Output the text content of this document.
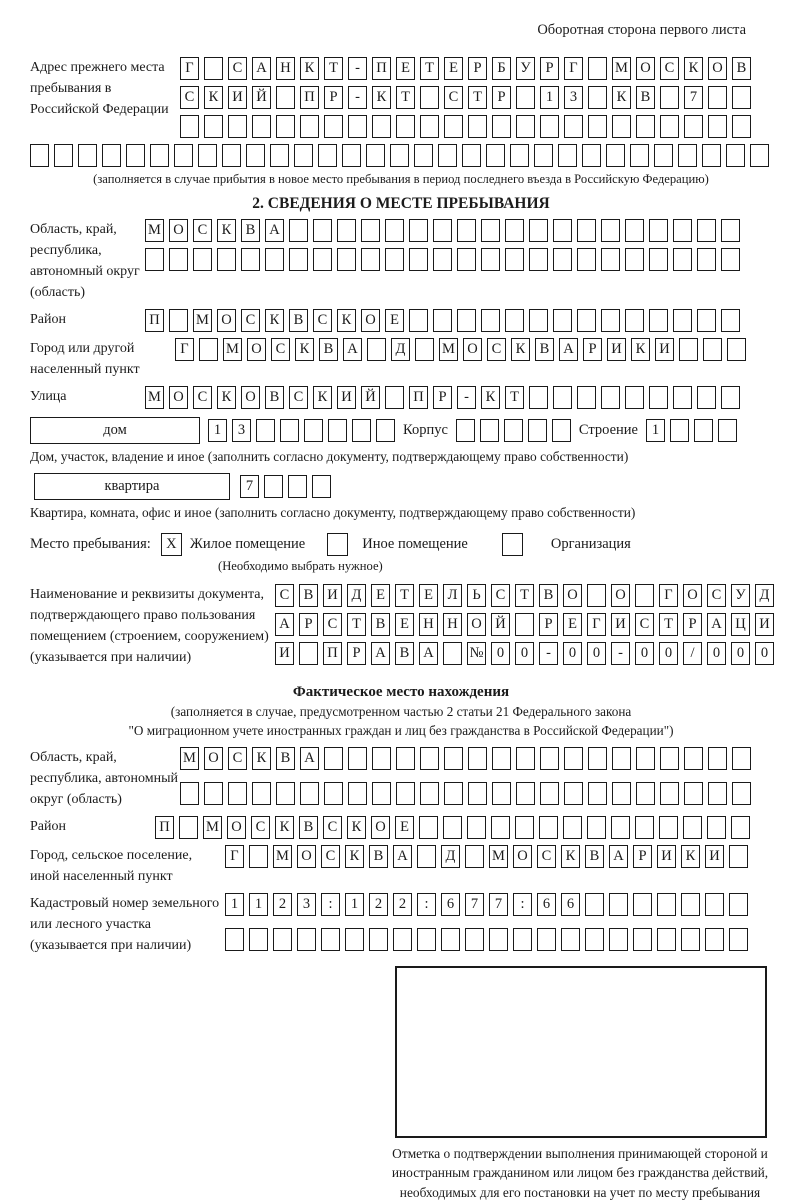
Оборотная сторона первого листа
Адрес прежнего места пребывания в Российской Федерации
Г	С А Н К	Т	-	П Е	Т	Е	Р	Б	У	Р	Г	М О С К О В
С К И Й	П	Р	-	К	Т	С	Т	Р	1	3	К В	7
(заполняется в случае прибытия в новое место пребывания в период последнего въезда в Российскую Федерацию)
2. СВЕДЕНИЯ О МЕСТЕ ПРЕБЫВАНИЯ
Область, край, республика, автономный округ (область)
М О С К В А
Район	П	М О С К В С К О Е
Город или другой населенный пункт
Г	М О С К В А	Д	М О С К В А	Р	И К И
Улица	М О С К О В С К И Й	П	Р	-	К	Т
дом	1	3	Корпус	Строение 1
Дом, участок, владение и иное (заполнить согласно документу, подтверждающему право собственности)
квартира	7
Квартира, комната, офис и иное (заполнить согласно документу, подтверждающему право собственности)
Место пребывания: X Жилое помещение	Иное помещение	Организация
(Необходимо выбрать нужное)
Наименование и реквизиты документа, подтверждающего право пользования помещением (строением, сооружением) (указывается при наличии)
С В И Д	Е	Т	Е	Л	Ь	С	Т	В О	О	Г	О С У Д
А	Р	С	Т	В	Е Н Н О Й	Р	Е	Г	И С	Т	Р	А Ц И
И	П	Р	А В А № 0	0	-	0	0	-	0	0	/	0	0	0
Фактическое место нахождения
(заполняется в случае, предусмотренном частью 2 статьи 21 Федерального закона
"О миграционном учете иностранных граждан и лиц без гражданства в Российской Федерации")
Область, край, республика, автономный округ (область)
М О С К В А
Район	П	М О С К В С К О Е
Город, сельское поселение, иной населенный пункт
Г	М О С К В А	Д	М О С К В А	Р	И К И
Кадастровый номер земельного или лесного участка (указывается при наличии)
1	1	2	3	:	1	2	2	:	6	7	7	:	6	6
Отметка о подтверждении выполнения принимающей стороной и иностранным гражданином или лицом без гражданства действий, необходимых для его постановки на учет по месту пребывания
